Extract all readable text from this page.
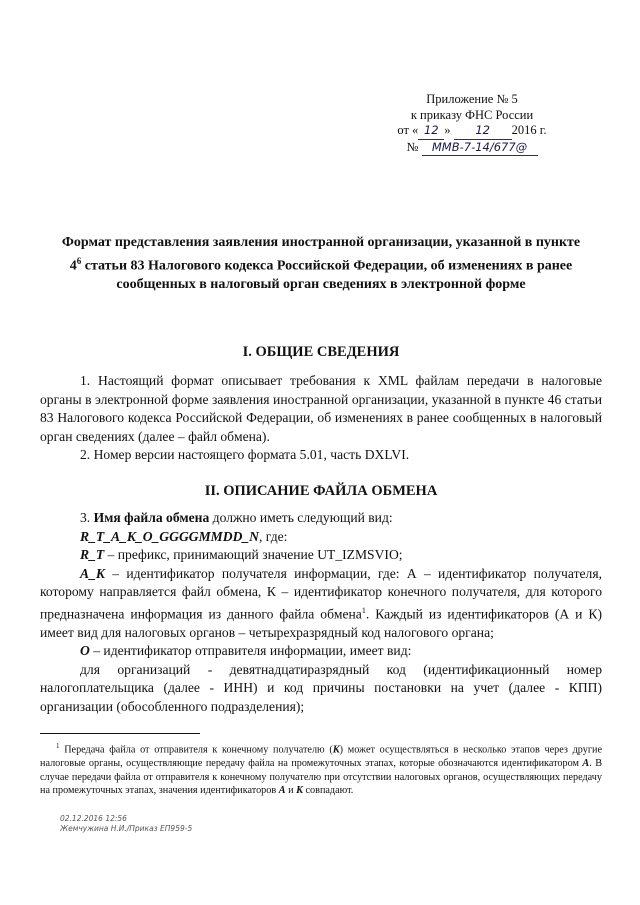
Приложение № 5
к приказу ФНС России
от « 12 » 12 2016 г.
№ ММВ-7-14/677@
Формат представления заявления иностранной организации, указанной в пункте $4^6$ статьи 83 Налогового кодекса Российской Федерации, об изменениях в ранее сообщенных в налоговый орган сведениях в электронной форме
I. ОБЩИЕ СВЕДЕНИЯ

1. Настоящий формат описывает требования к XML файлам передачи в налоговые органы в электронной форме заявления иностранной организации, указанной в пункте 46 статьи 83 Налогового кодекса Российской Федерации, об изменениях в ранее сообщенных в налоговый орган сведениях (далее – файл обмена).

2. Номер версии настоящего формата 5.01, часть DXLVI.

II. ОПИСАНИЕ ФАЙЛА ОБМЕНА

3. Имя файла обмена должно иметь следующий вид:

R_T_A_K_O_GGGGMMDD_N, где:

R_T – префикс, принимающий значение UT_IZMSVIO;

A_K – идентификатор получателя информации, где: А – идентификатор получателя, которому направляется файл обмена, К – идентификатор конечного получателя, для которого предназначена информация из данного файла обмена$^1$. Каждый из идентификаторов (А и К) имеет вид для налоговых органов – четырехразрядный код налогового органа;

O – идентификатор отправителя информации, имеет вид:

для организаций - девятнадцатиразрядный код (идентификационный номер налогоплательщика (далее - ИНН) и код причины постановки на учет (далее - КПП) организации (обособленного подразделения);

$^1$ Передача файла от отправителя к конечному получателю (К) может осуществляться в несколько этапов через другие налоговые органы, осуществляющие передачу файла на промежуточных этапах, которые обозначаются идентификатором А. В случае передачи файла от отправителя к конечному получателю при отсутствии налоговых органов, осуществляющих передачу на промежуточных этапах, значения идентификаторов А и К совпадают.

02.12.2016 12:56
Жемчужина Н.И./Приказ ЕП959-5
